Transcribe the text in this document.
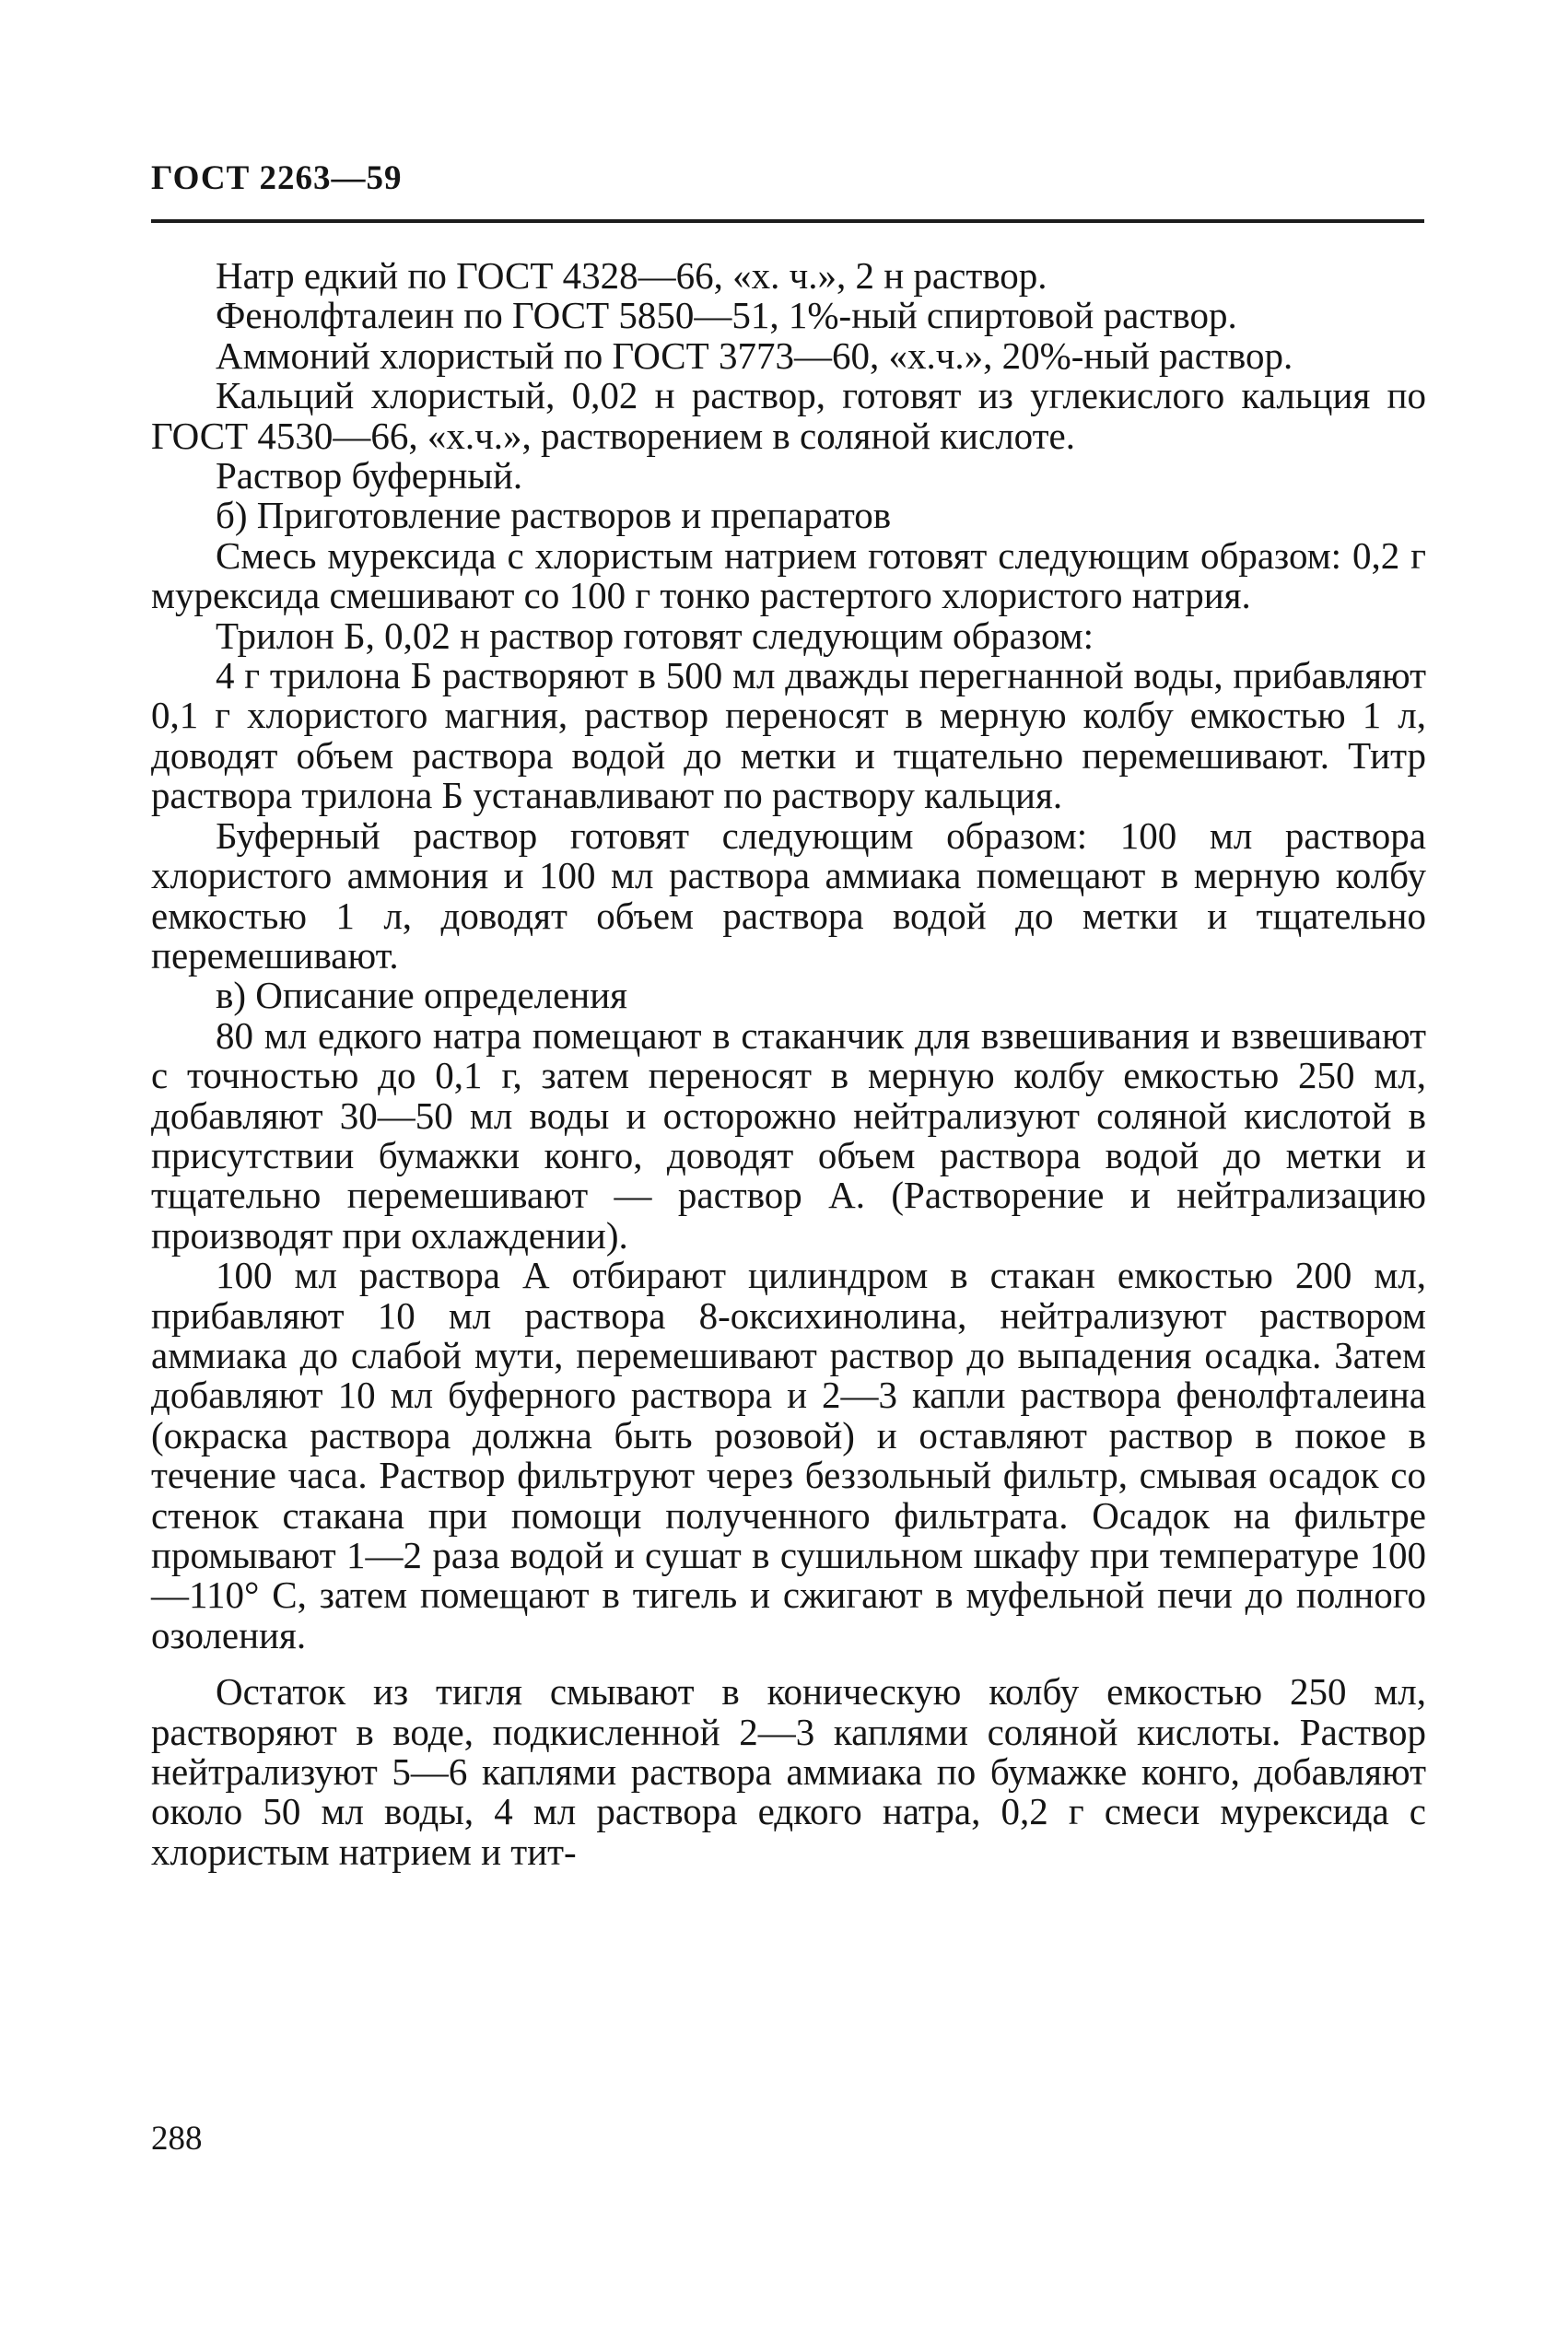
ГОСТ 2263—59

Натр едкий по ГОСТ 4328—66, «х. ч.», 2 н раствор.

Фенолфталеин по ГОСТ 5850—51, 1%-ный спиртовой раствор.

Аммоний хлористый по ГОСТ 3773—60, «х.ч.», 20%-ный раствор.

Кальций хлористый, 0,02 н раствор, готовят из углекислого кальция по ГОСТ 4530—66, «х.ч.», растворением в соляной кислоте.

Раствор буферный.

б) Приготовление растворов и препаратов

Смесь мурексида с хлористым натрием готовят следующим образом: 0,2 г мурексида смешивают со 100 г тонко растертого хлористого натрия.

Трилон Б, 0,02 н раствор готовят следующим образом:

4 г трилона Б растворяют в 500 мл дважды перегнанной воды, прибавляют 0,1 г хлористого магния, раствор переносят в мерную колбу емкостью 1 л, доводят объем раствора водой до метки и тщательно перемешивают. Титр раствора трилона Б устанавливают по раствору кальция.

Буферный раствор готовят следующим образом: 100 мл раствора хлористого аммония и 100 мл раствора аммиака помещают в мерную колбу емкостью 1 л, доводят объем раствора водой до метки и тщательно перемешивают.

в) Описание определения

80 мл едкого натра помещают в стаканчик для взвешивания и взвешивают с точностью до 0,1 г, затем переносят в мерную колбу емкостью 250 мл, добавляют 30—50 мл воды и осторожно нейтрализуют соляной кислотой в присутствии бумажки конго, доводят объем раствора водой до метки и тщательно перемешивают — раствор А. (Растворение и нейтрализацию производят при охлаждении).

100 мл раствора А отбирают цилиндром в стакан емкостью 200 мл, прибавляют 10 мл раствора 8-оксихинолина, нейтрализуют раствором аммиака до слабой мути, перемешивают раствор до выпадения осадка. Затем добавляют 10 мл буферного раствора и 2—3 капли раствора фенолфталеина (окраска раствора должна быть розовой) и оставляют раствор в покое в течение часа. Раствор фильтруют через беззольный фильтр, смывая осадок со стенок стакана при помощи полученного фильтрата. Осадок на фильтре промывают 1—2 раза водой и сушат в сушильном шкафу при температуре 100—110° С, затем помещают в тигель и сжигают в муфельной печи до полного озоления.

Остаток из тигля смывают в коническую колбу емкостью 250 мл, растворяют в воде, подкисленной 2—3 каплями соляной кислоты. Раствор нейтрализуют 5—6 каплями раствора аммиака по бумажке конго, добавляют около 50 мл воды, 4 мл раствора едкого натра, 0,2 г смеси мурексида с хлористым натрием и тит-

288
